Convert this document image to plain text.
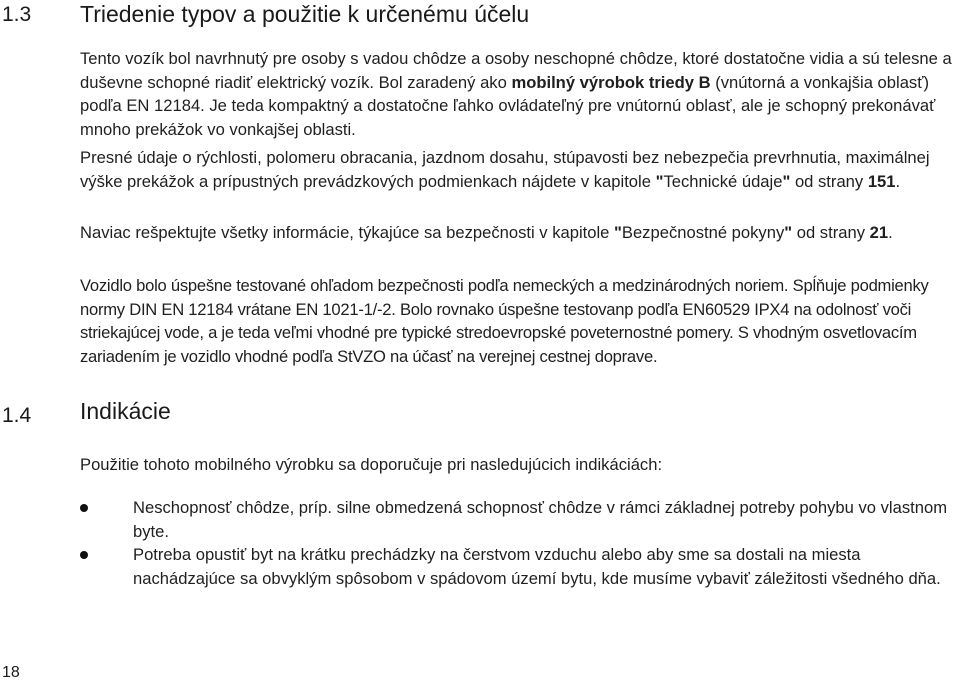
1.3 Triedenie typov a použitie k určenému účelu

Tento vozík bol navrhnutý pre osoby s vadou chôdze a osoby neschopné chôdze, ktoré dostatočne vidia a sú telesne a duševne schopné riadiť elektrický vozík. Bol zaradený ako mobilný výrobok triedy B (vnútorná a vonkajšia oblasť) podľa EN 12184. Je teda kompaktný a dostatočne ľahko ovládateľný pre vnútornú oblasť, ale je schopný prekonávať mnoho prekážok vo vonkajšej oblasti.

Presné údaje o rýchlosti, polomeru obracania, jazdnom dosahu, stúpavosti bez nebezpečia prevrhnutia, maximálnej výške prekážok a prípustných prevádzkových podmienkach nájdete v kapitole "Technické údaje" od strany 151.

Naviac rešpektujte všetky informácie, týkajúce sa bezpečnosti v kapitole "Bezpečnostné pokyny" od strany 21.

Vozidlo bolo úspešne testované ohľadom bezpečnosti podľa nemeckých a medzinárodných noriem. Spĺňuje podmienky normy DIN EN 12184 vrátane EN 1021-1/-2. Bolo rovnako úspešne testovanp podľa EN60529 IPX4 na odolnosť voči striekajúcej vode, a je teda veľmi vhodné pre typické stredoevropské poveternostné pomery. S vhodným osvetlovacím zariadením je vozidlo vhodné podľa StVZO na účasť na verejnej cestnej doprave.

1.4 Indikácie

Použitie tohoto mobilného výrobku sa doporučuje pri nasledujúcich indikáciách:

Neschopnosť chôdze, príp. silne obmedzená schopnosť chôdze v rámci základnej potreby pohybu vo vlastnom byte.

Potreba opustiť byt na krátku prechádzky na čerstvom vzduchu alebo aby sme sa dostali na miesta nachádzajúce sa obvyklým spôsobom v spádovom území bytu, kde musíme vybaviť záležitosti všedného dňa.

18
